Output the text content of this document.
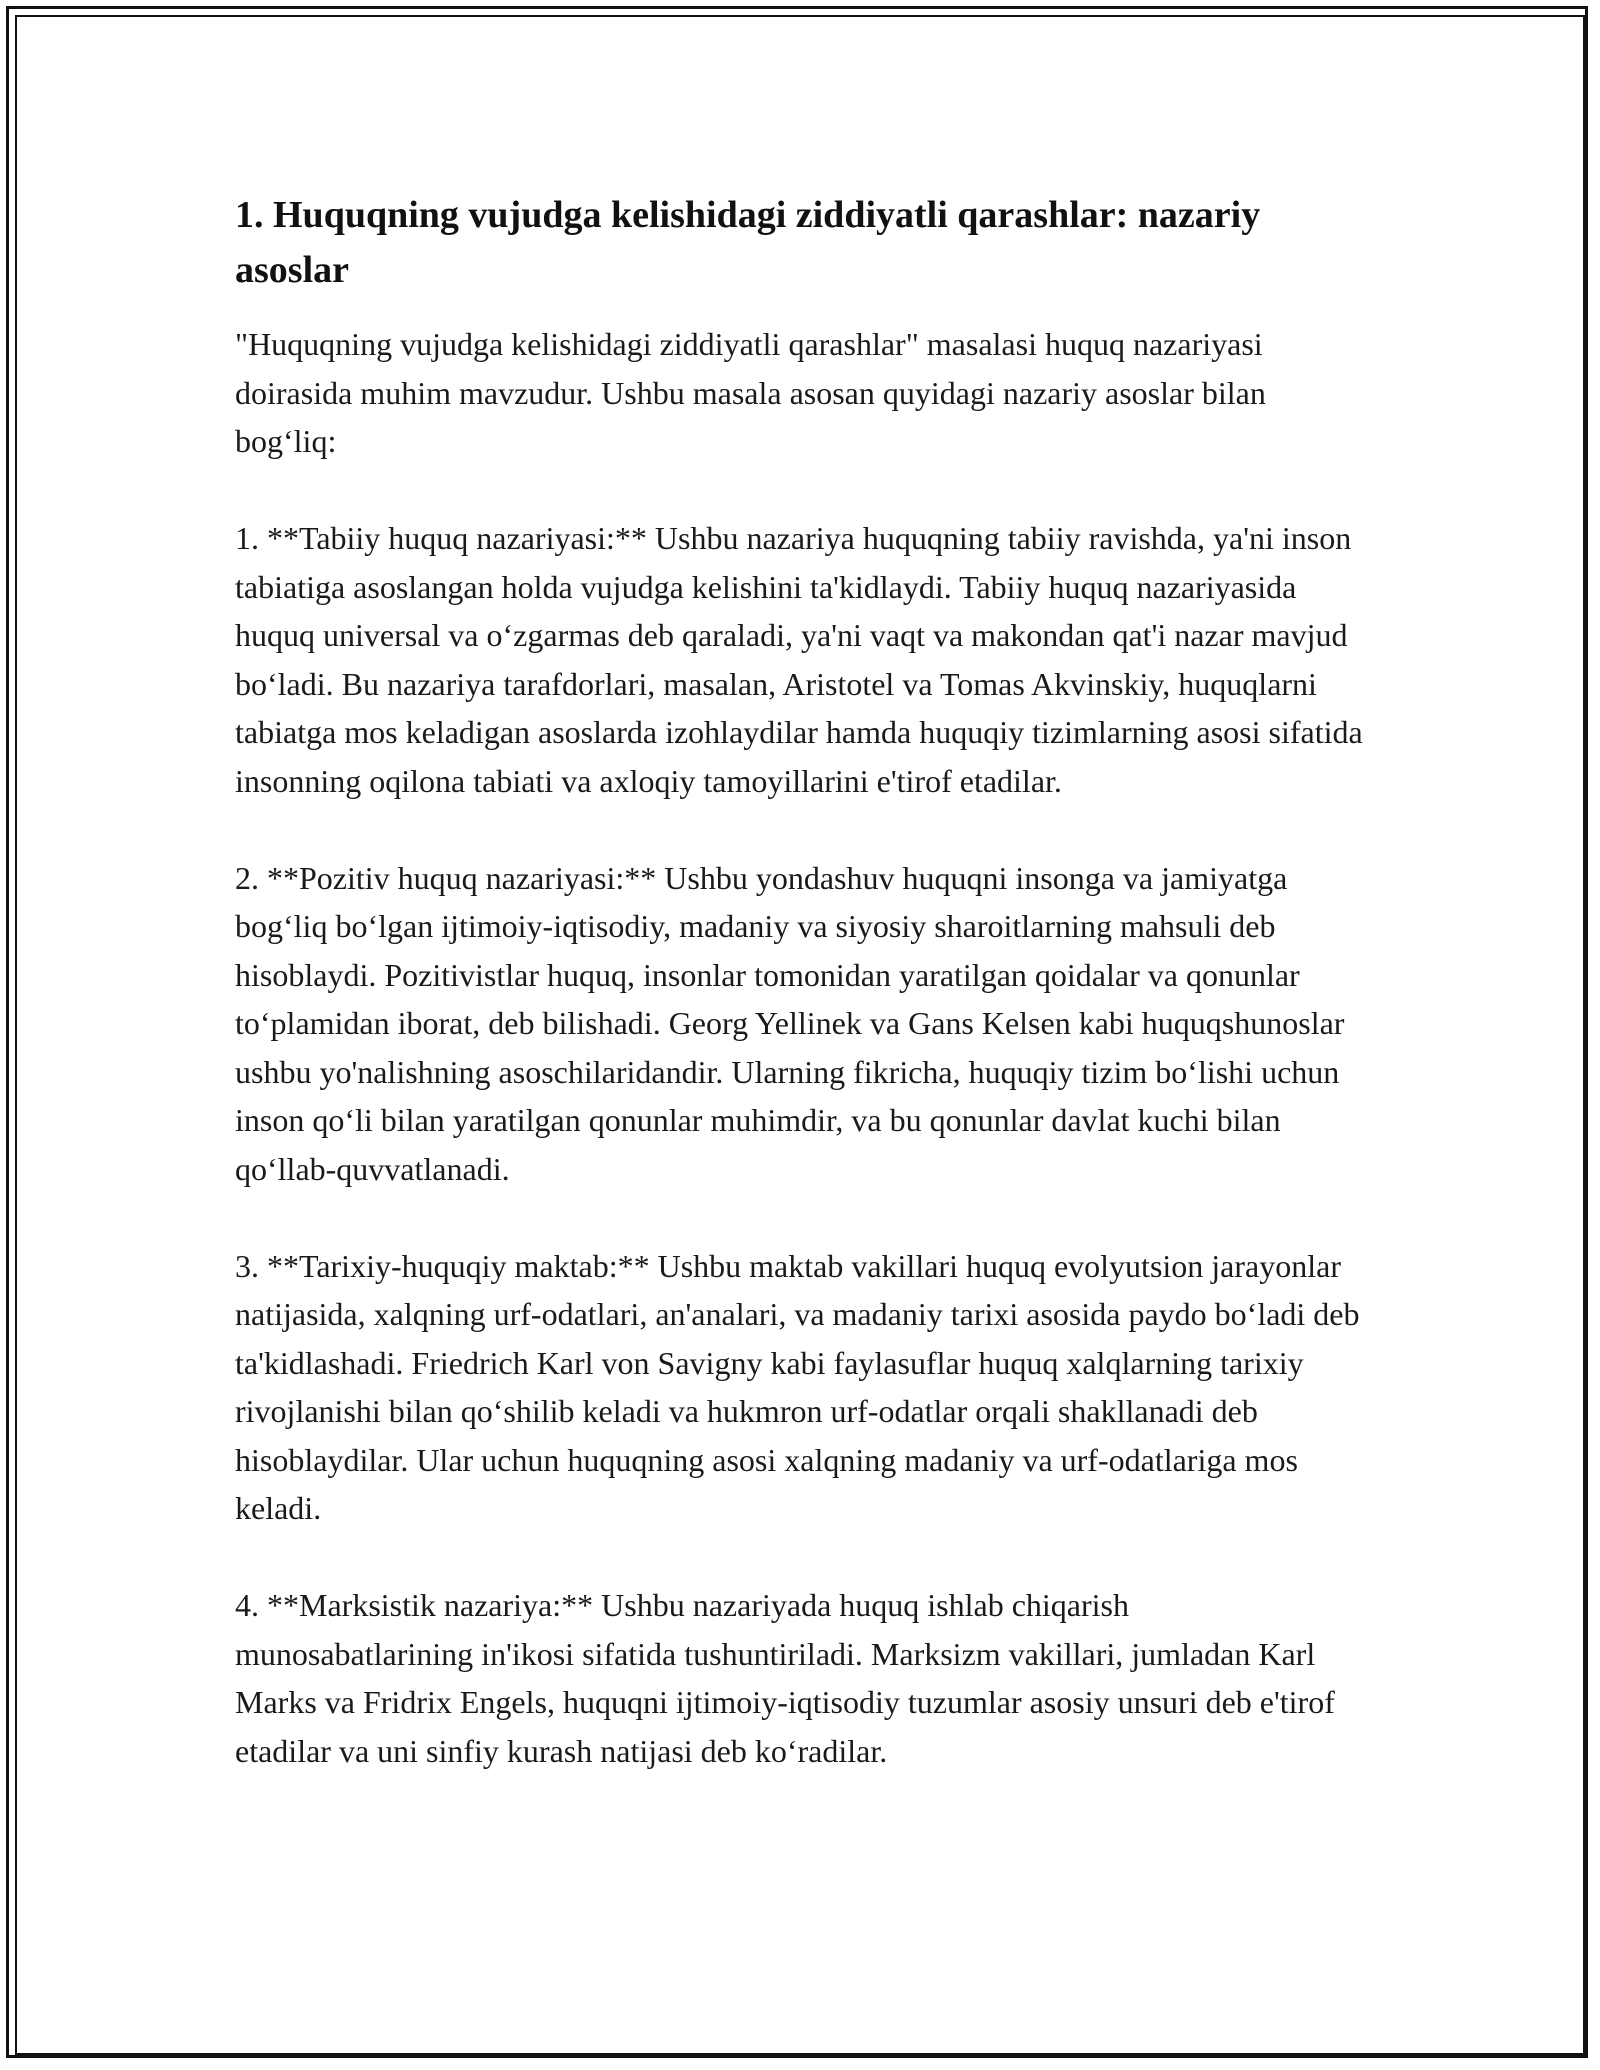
1. Huquqning vujudga kelishidagi ziddiyatli qarashlar: nazariy asoslar

"Huquqning vujudga kelishidagi ziddiyatli qarashlar" masalasi huquq nazariyasi doirasida muhim mavzudur. Ushbu masala asosan quyidagi nazariy asoslar bilan bog‘liq:

1. **Tabiiy huquq nazariyasi:** Ushbu nazariya huquqning tabiiy ravishda, ya'ni inson tabiatiga asoslangan holda vujudga kelishini ta'kidlaydi. Tabiiy huquq nazariyasida huquq universal va o‘zgarmas deb qaraladi, ya'ni vaqt va makondan qat'i nazar mavjud bo‘ladi. Bu nazariya tarafdorlari, masalan, Aristotel va Tomas Akvinskiy, huquqlarni tabiatga mos keladigan asoslarda izohlaydilar hamda huquqiy tizimlarning asosi sifatida insonning oqilona tabiati va axloqiy tamoyillarini e'tirof etadilar.

2. **Pozitiv huquq nazariyasi:** Ushbu yondashuv huquqni insonga va jamiyatga bog‘liq bo‘lgan ijtimoiy-iqtisodiy, madaniy va siyosiy sharoitlarning mahsuli deb hisoblaydi. Pozitivistlar huquq, insonlar tomonidan yaratilgan qoidalar va qonunlar to‘plamidan iborat, deb bilishadi. Georg Yellinek va Gans Kelsen kabi huquqshunoslar ushbu yo'nalishning asoschilaridandir. Ularning fikricha, huquqiy tizim bo‘lishi uchun inson qo‘li bilan yaratilgan qonunlar muhimdir, va bu qonunlar davlat kuchi bilan qo‘llab-quvvatlanadi.

3. **Tarixiy-huquqiy maktab:** Ushbu maktab vakillari huquq evolyutsion jarayonlar natijasida, xalqning urf-odatlari, an'analari, va madaniy tarixi asosida paydo bo‘ladi deb ta'kidlashadi. Friedrich Karl von Savigny kabi faylasuflar huquq xalqlarning tarixiy rivojlanishi bilan qo‘shilib keladi va hukmron urf-odatlar orqali shakllanadi deb hisoblaydilar. Ular uchun huquqning asosi xalqning madaniy va urf-odatlariga mos keladi.

4. **Marksistik nazariya:** Ushbu nazariyada huquq ishlab chiqarish munosabatlarining in'ikosi sifatida tushuntiriladi. Marksizm vakillari, jumladan Karl Marks va Fridrix Engels, huquqni ijtimoiy-iqtisodiy tuzumlar asosiy unsuri deb e'tirof etadilar va uni sinfiy kurash natijasi deb ko‘radilar.
